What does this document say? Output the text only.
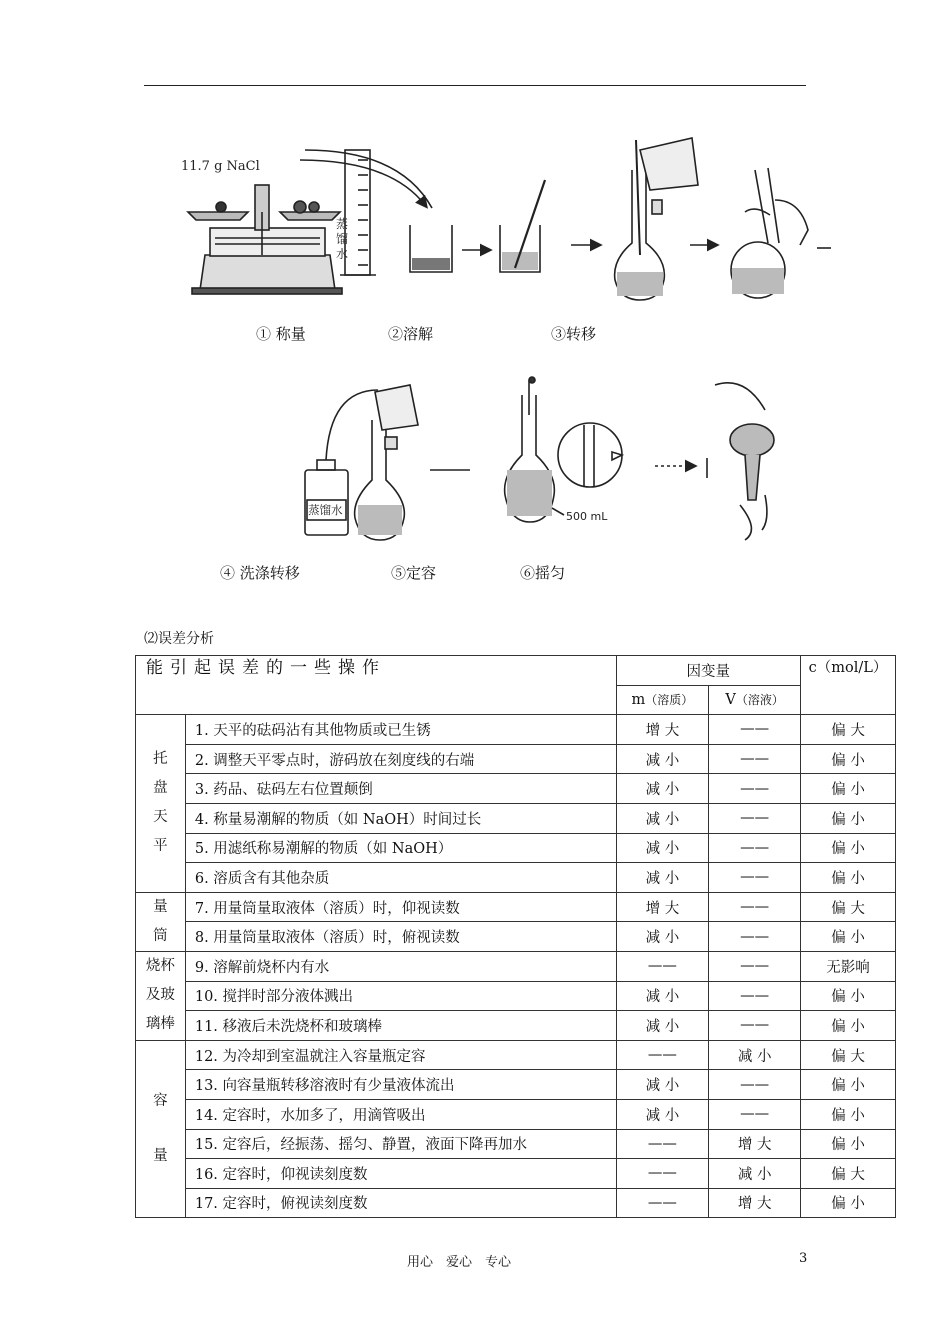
11.7 g NaCl
蒸馏水
蒸馏水	500 mL
① 称量	②溶解	③转移
④ 洗涤转移	⑤定容	⑥摇匀
⑵误差分析
能引起误差的一些操作		因变量		c（mol/L）
		m（溶质）	V（溶液）	

托
盘
天
平	1. 天平的砝码沾有其他物质或已生锈	增 大	——	偏 大
	2. 调整天平零点时，游码放在刻度线的右端	减 小	——	偏 小
	3. 药品、砝码左右位置颠倒	减 小	——	偏 小
	4. 称量易潮解的物质（如 NaOH）时间过长	减 小	——	偏 小
	5. 用滤纸称易潮解的物质（如 NaOH）	减 小	——	偏 小
	6. 溶质含有其他杂质	减 小	——	偏 小

量
筒	7. 用量筒量取液体（溶质）时，仰视读数	增 大	——	偏 大
	8. 用量筒量取液体（溶质）时，俯视读数	减 小	——	偏 小

烧杯
及玻
璃棒	9. 溶解前烧杯内有水	——	——	无影响
	10. 搅拌时部分液体溅出	减 小	——	偏 小
	11. 移液后未洗烧杯和玻璃棒	减 小	——	偏 小

容
量	12. 为冷却到室温就注入容量瓶定容	——	减 小	偏 大
	13. 向容量瓶转移溶液时有少量液体流出	减 小	——	偏 小
	14. 定容时，水加多了，用滴管吸出	减 小	——	偏 小
	15. 定容后，经振荡、摇匀、静置，液面下降再加水	——	增 大	偏 小
	16. 定容时，仰视读刻度数	——	减 小	偏 大
	17. 定容时，俯视读刻度数	——	增 大	偏 小
用心　爱心　专心	3
